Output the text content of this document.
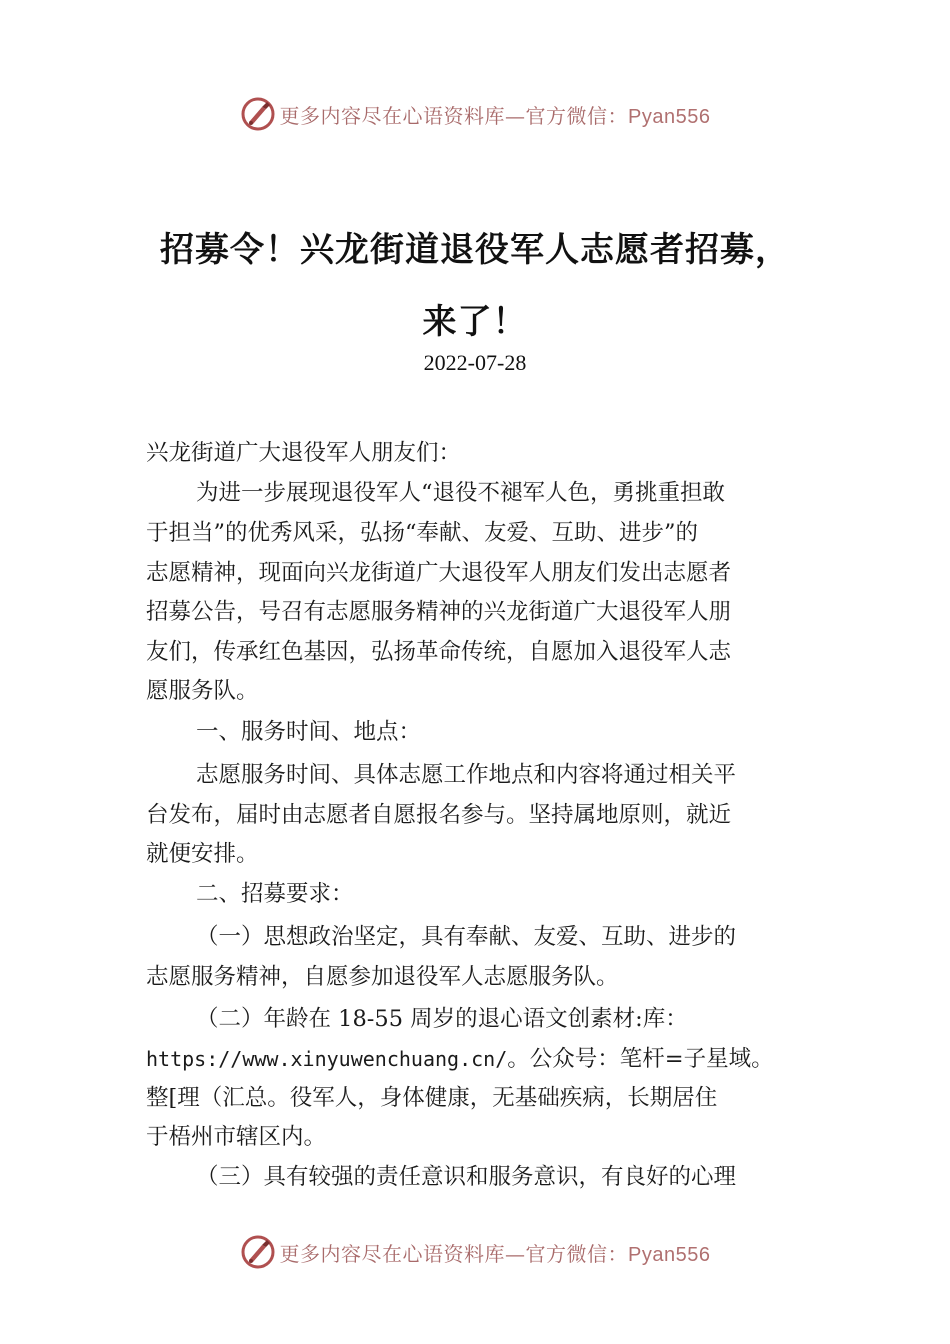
更多内容尽在心语资料库—官方微信：Pyan556
招募令！兴龙街道退役军人志愿者招募，
来了！
2022-07-28
兴龙街道广大退役军人朋友们：
为进一步展现退役军人“退役不褪军人色，勇挑重担敢
于担当”的优秀风采，弘扬“奉献、友爱、互助、进步”的
志愿精神，现面向兴龙街道广大退役军人朋友们发出志愿者
招募公告，号召有志愿服务精神的兴龙街道广大退役军人朋
友们，传承红色基因，弘扬革命传统，自愿加入退役军人志
愿服务队。
一、服务时间、地点：
志愿服务时间、具体志愿工作地点和内容将通过相关平
台发布，届时由志愿者自愿报名参与。坚持属地原则，就近
就便安排。
二、招募要求：
（一）思想政治坚定，具有奉献、友爱、互助、进步的
志愿服务精神，自愿参加退役军人志愿服务队。
（二）年龄在 18-55 周岁的退心语文创素材:库：
https://www.xinyuwenchuang.cn/。公众号：笔杆=子星域。
整[理（汇总。役军人，身体健康，无基础疾病，长期居住
于梧州市辖区内。
（三）具有较强的责任意识和服务意识，有良好的心理
更多内容尽在心语资料库—官方微信：Pyan556
